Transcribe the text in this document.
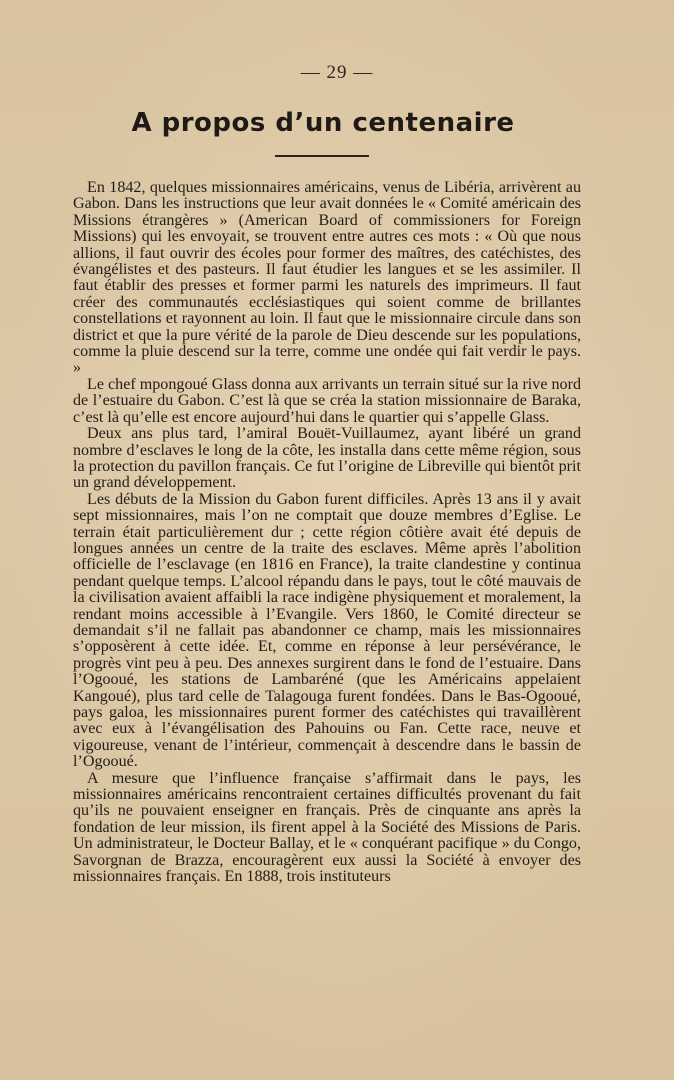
— 29 —
A propos d’un centenaire

En 1842, quelques missionnaires américains, venus de Libéria, arrivèrent au Gabon. Dans les instructions que leur avait données le « Comité américain des Missions étrangères » (American Board of commissioners for Foreign Missions) qui les envoyait, se trouvent entre autres ces mots : « Où que nous allions, il faut ouvrir des écoles pour former des maîtres, des catéchistes, des évangélistes et des pasteurs. Il faut étudier les langues et se les assimiler. Il faut établir des presses et former parmi les naturels des imprimeurs. Il faut créer des communautés ecclésiastiques qui soient comme de brillantes constellations et rayonnent au loin. Il faut que le missionnaire circule dans son district et que la pure vérité de la parole de Dieu descende sur les populations, comme la pluie descend sur la terre, comme une ondée qui fait verdir le pays. »

Le chef mpongoué Glass donna aux arrivants un terrain situé sur la rive nord de l’estuaire du Gabon. C’est là que se créa la station missionnaire de Baraka, c’est là qu’elle est encore aujourd’hui dans le quartier qui s’appelle Glass.

Deux ans plus tard, l’amiral Bouët-Vuillaumez, ayant libéré un grand nombre d’esclaves le long de la côte, les installa dans cette même région, sous la protection du pavillon français. Ce fut l’origine de Libreville qui bientôt prit un grand développement.

Les débuts de la Mission du Gabon furent difficiles. Après 13 ans il y avait sept missionnaires, mais l’on ne comptait que douze membres d’Eglise. Le terrain était particulièrement dur ; cette région côtière avait été depuis de longues années un centre de la traite des esclaves. Même après l’abolition officielle de l’esclavage (en 1816 en France), la traite clandestine y continua pendant quelque temps. L’alcool répandu dans le pays, tout le côté mauvais de la civilisation avaient affaibli la race indigène physiquement et moralement, la rendant moins accessible à l’Evangile. Vers 1860, le Comité directeur se demandait s’il ne fallait pas abandonner ce champ, mais les missionnaires s’opposèrent à cette idée. Et, comme en réponse à leur persévérance, le progrès vint peu à peu. Des annexes surgirent dans le fond de l’estuaire. Dans l’Ogooué, les stations de Lambaréné (que les Américains appelaient Kangoué), plus tard celle de Talagouga furent fondées. Dans le Bas-Ogooué, pays galoa, les missionnaires purent former des catéchistes qui travaillèrent avec eux à l’évangélisation des Pahouins ou Fan. Cette race, neuve et vigoureuse, venant de l’intérieur, commençait à descendre dans le bassin de l’Ogooué.

A mesure que l’influence française s’affirmait dans le pays, les missionnaires américains rencontraient certaines difficultés provenant du fait qu’ils ne pouvaient enseigner en français. Près de cinquante ans après la fondation de leur mission, ils firent appel à la Société des Missions de Paris. Un administrateur, le Docteur Ballay, et le « conquérant pacifique » du Congo, Savorgnan de Brazza, encouragèrent eux aussi la Société à envoyer des missionnaires français. En 1888, trois instituteurs
